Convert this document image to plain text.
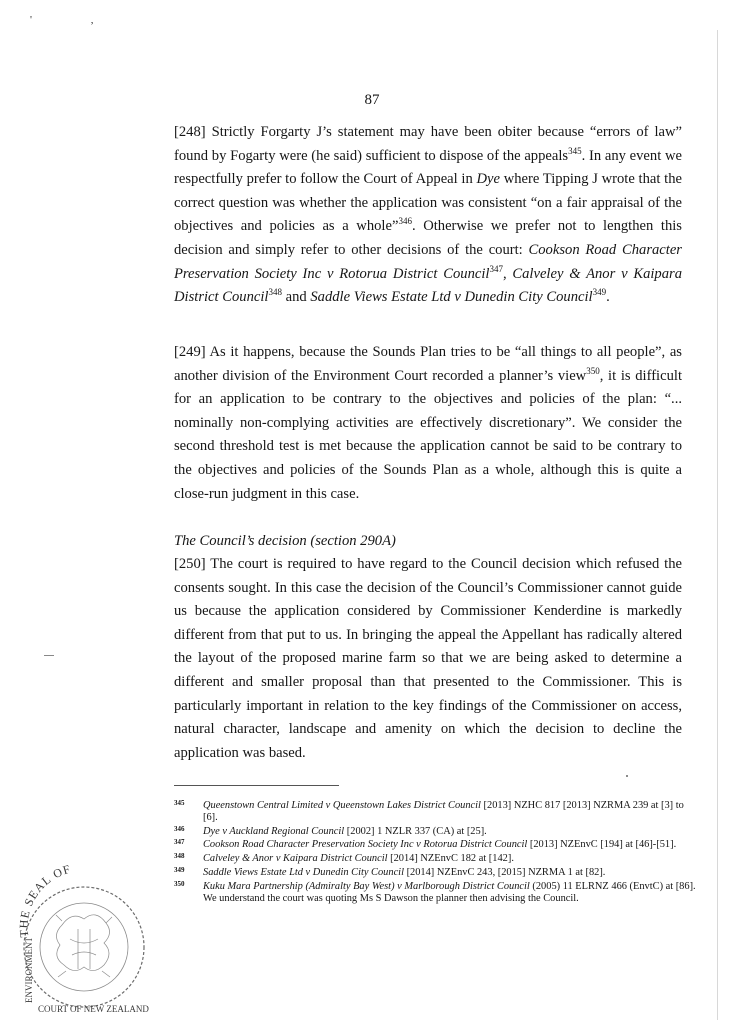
' ,
87

[248] Strictly Forgarty J’s statement may have been obiter because “errors of law” found by Fogarty were (he said) sufficient to dispose of the appeals$^{345}$. In any event we respectfully prefer to follow the Court of Appeal in Dye where Tipping J wrote that the correct question was whether the application was consistent “on a fair appraisal of the objectives and policies as a whole”$^{346}$. Otherwise we prefer not to lengthen this decision and simply refer to other decisions of the court: Cookson Road Character Preservation Society Inc v Rotorua District Council$^{347}$, Calveley & Anor v Kaipara District Council$^{348}$ and Saddle Views Estate Ltd v Dunedin City Council$^{349}$.

[249] As it happens, because the Sounds Plan tries to be “all things to all people”, as another division of the Environment Court recorded a planner’s view$^{350}$, it is difficult for an application to be contrary to the objectives and policies of the plan: “... nominally non-complying activities are effectively discretionary”. We consider the second threshold test is met because the application cannot be said to be contrary to the objectives and policies of the Sounds Plan as a whole, although this is quite a close-run judgment in this case.

The Council’s decision (section 290A)

[250] The court is required to have regard to the Council decision which refused the consents sought. In this case the decision of the Council’s Commissioner cannot guide us because the application considered by Commissioner Kenderdine is markedly different from that put to us. In bringing the appeal the Appellant has radically altered the layout of the proposed marine farm so that we are being asked to determine a different and smaller proposal than that presented to the Commissioner. This is particularly important in relation to the key findings of the Commissioner on access, natural character, landscape and amenity on which the decision to decline the application was based.

345 Queenstown Central Limited v Queenstown Lakes District Council [2013] NZHC 817 [2013] NZRMA 239 at [3] to [6].
346 Dye v Auckland Regional Council [2002] 1 NZLR 337 (CA) at [25].
347 Cookson Road Character Preservation Society Inc v Rotorua District Council [2013] NZEnvC [194] at [46]-[51].
348 Calveley & Anor v Kaipara District Council [2014] NZEnvC 182 at [142].
349 Saddle Views Estate Ltd v Dunedin City Council [2014] NZEnvC 243, [2015] NZRMA 1 at [82].
350 Kuku Mara Partnership (Admiralty Bay West) v Marlborough District Council (2005) 11 ELRNZ 466 (EnvtC) at [86]. We understand the court was quoting Ms S Dawson the planner then advising the Council.
THE SEAL OF
ENVIRONMENT
COURT OF NEW ZEALAND
